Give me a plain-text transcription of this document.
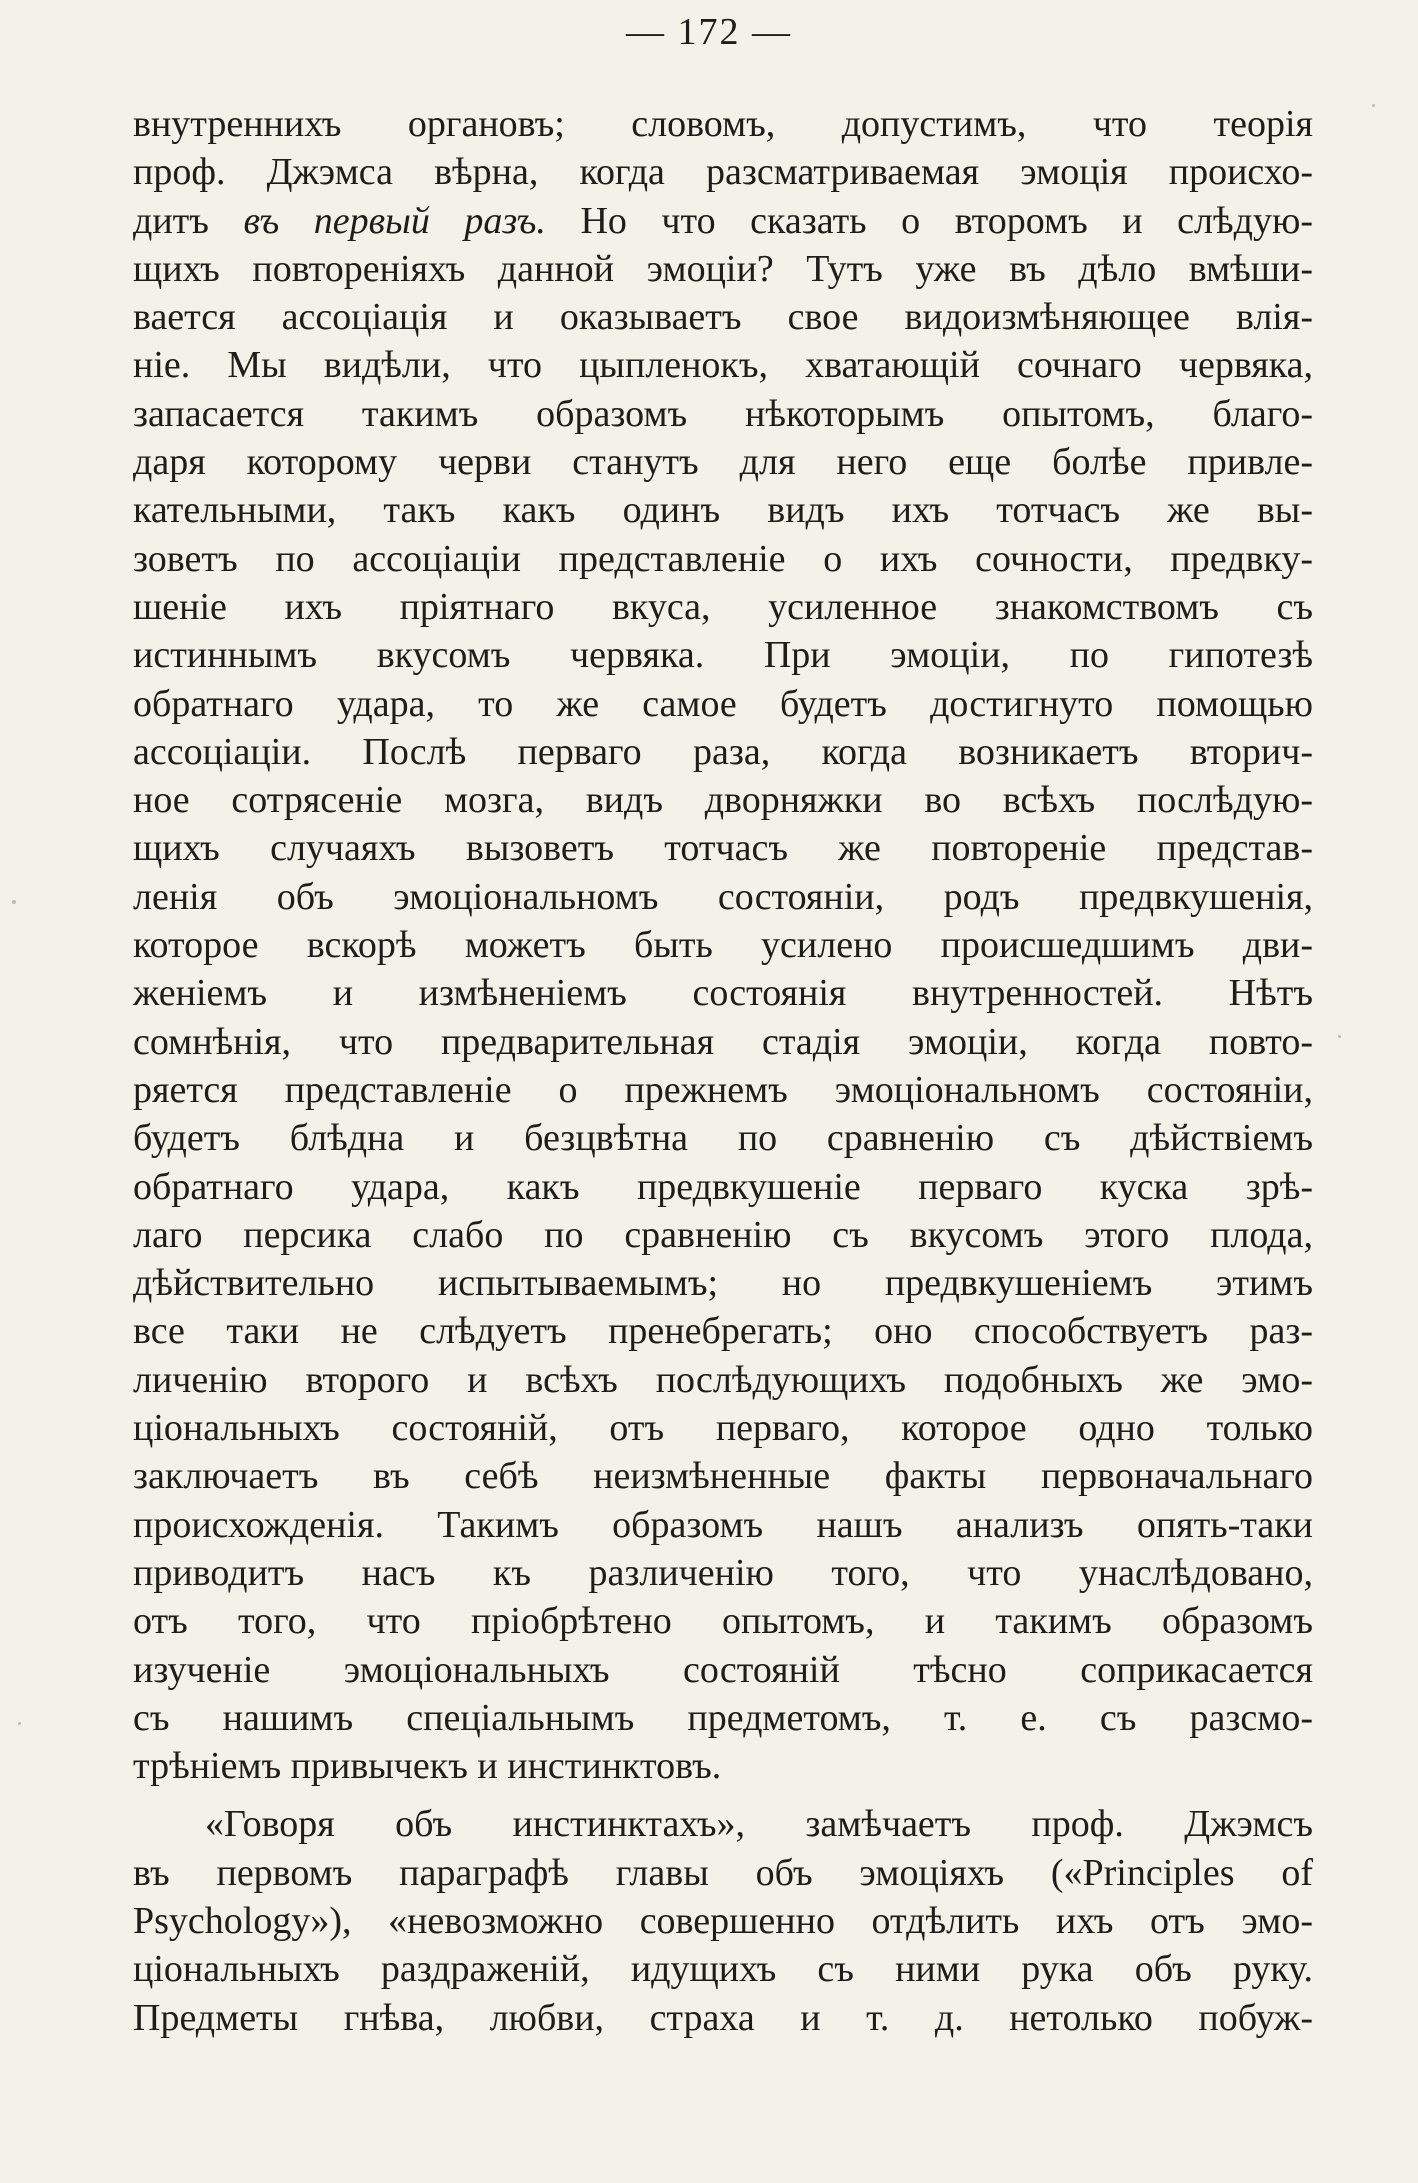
— 172 —
внутреннихъ органовъ; словомъ, допустимъ, что теорія
проф. Джэмса вѣрна, когда разсматриваемая эмоція происхо-
дитъ въ первый разъ. Но что сказать о второмъ и слѣдую-
щихъ повтореніяхъ данной эмоціи? Тутъ уже въ дѣло вмѣши-
вается ассоціація и оказываетъ свое видоизмѣняющее влія-
ніе. Мы видѣли, что цыпленокъ, хватающій сочнаго червяка,
запасается такимъ образомъ нѣкоторымъ опытомъ, благо-
даря которому черви станутъ для него еще болѣе привле-
кательными, такъ какъ одинъ видъ ихъ тотчасъ же вы-
зоветъ по ассоціаціи представленіе о ихъ сочности, предвку-
шеніе ихъ пріятнаго вкуса, усиленное знакомствомъ съ
истиннымъ вкусомъ червяка. При эмоціи, по гипотезѣ
обратнаго удара, то же самое будетъ достигнуто помощью
ассоціаціи. Послѣ перваго раза, когда возникаетъ вторич-
ное сотрясеніе мозга, видъ дворняжки во всѣхъ послѣдую-
щихъ случаяхъ вызоветъ тотчасъ же повтореніе представ-
ленія объ эмоціональномъ состояніи, родъ предвкушенія,
которое вскорѣ можетъ быть усилено происшедшимъ дви-
женіемъ и измѣненіемъ состоянія внутренностей. Нѣтъ
сомнѣнія, что предварительная стадія эмоціи, когда повто-
ряется представленіе о прежнемъ эмоціональномъ состояніи,
будетъ блѣдна и безцвѣтна по сравненію съ дѣйствіемъ
обратнаго удара, какъ предвкушеніе перваго куска зрѣ-
лаго персика слабо по сравненію съ вкусомъ этого плода,
дѣйствительно испытываемымъ; но предвкушеніемъ этимъ
все таки не слѣдуетъ пренебрегать; оно способствуетъ раз-
личенію второго и всѣхъ послѣдующихъ подобныхъ же эмо-
ціональныхъ состояній, отъ перваго, которое одно только
заключаетъ въ себѣ неизмѣненные факты первоначальнаго
происхожденія. Такимъ образомъ нашъ анализъ опять-таки
приводитъ насъ къ различенію того, что унаслѣдовано,
отъ того, что пріобрѣтено опытомъ, и такимъ образомъ
изученіе эмоціональныхъ состояній тѣсно соприкасается
съ нашимъ спеціальнымъ предметомъ, т. е. съ разсмо-
трѣніемъ привычекъ и инстинктовъ.
«Говоря объ инстинктахъ», замѣчаетъ проф. Джэмсъ
въ первомъ параграфѣ главы объ эмоціяхъ («Principles of
Psychology»), «невозможно совершенно отдѣлить ихъ отъ эмо-
ціональныхъ раздраженій, идущихъ съ ними рука объ руку.
Предметы гнѣва, любви, страха и т. д. нетолько побуж-
